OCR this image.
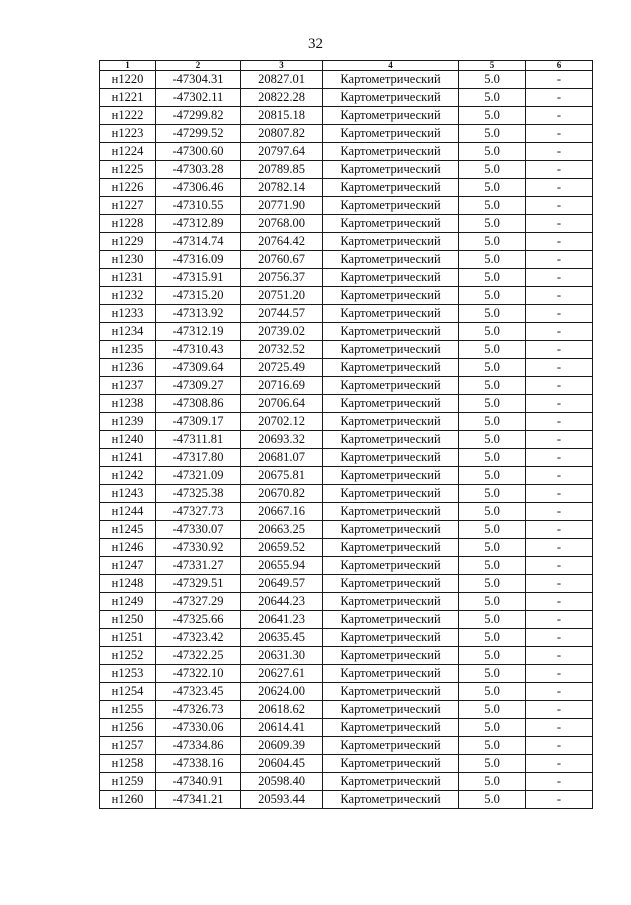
32
1	2	3	4	5	6
н1220	-47304.31	20827.01	Картометрический	5.0	-
н1221	-47302.11	20822.28	Картометрический	5.0	-
н1222	-47299.82	20815.18	Картометрический	5.0	-
н1223	-47299.52	20807.82	Картометрический	5.0	-
н1224	-47300.60	20797.64	Картометрический	5.0	-
н1225	-47303.28	20789.85	Картометрический	5.0	-
н1226	-47306.46	20782.14	Картометрический	5.0	-
н1227	-47310.55	20771.90	Картометрический	5.0	-
н1228	-47312.89	20768.00	Картометрический	5.0	-
н1229	-47314.74	20764.42	Картометрический	5.0	-
н1230	-47316.09	20760.67	Картометрический	5.0	-
н1231	-47315.91	20756.37	Картометрический	5.0	-
н1232	-47315.20	20751.20	Картометрический	5.0	-
н1233	-47313.92	20744.57	Картометрический	5.0	-
н1234	-47312.19	20739.02	Картометрический	5.0	-
н1235	-47310.43	20732.52	Картометрический	5.0	-
н1236	-47309.64	20725.49	Картометрический	5.0	-
н1237	-47309.27	20716.69	Картометрический	5.0	-
н1238	-47308.86	20706.64	Картометрический	5.0	-
н1239	-47309.17	20702.12	Картометрический	5.0	-
н1240	-47311.81	20693.32	Картометрический	5.0	-
н1241	-47317.80	20681.07	Картометрический	5.0	-
н1242	-47321.09	20675.81	Картометрический	5.0	-
н1243	-47325.38	20670.82	Картометрический	5.0	-
н1244	-47327.73	20667.16	Картометрический	5.0	-
н1245	-47330.07	20663.25	Картометрический	5.0	-
н1246	-47330.92	20659.52	Картометрический	5.0	-
н1247	-47331.27	20655.94	Картометрический	5.0	-
н1248	-47329.51	20649.57	Картометрический	5.0	-
н1249	-47327.29	20644.23	Картометрический	5.0	-
н1250	-47325.66	20641.23	Картометрический	5.0	-
н1251	-47323.42	20635.45	Картометрический	5.0	-
н1252	-47322.25	20631.30	Картометрический	5.0	-
н1253	-47322.10	20627.61	Картометрический	5.0	-
н1254	-47323.45	20624.00	Картометрический	5.0	-
н1255	-47326.73	20618.62	Картометрический	5.0	-
н1256	-47330.06	20614.41	Картометрический	5.0	-
н1257	-47334.86	20609.39	Картометрический	5.0	-
н1258	-47338.16	20604.45	Картометрический	5.0	-
н1259	-47340.91	20598.40	Картометрический	5.0	-
н1260	-47341.21	20593.44	Картометрический	5.0	-
